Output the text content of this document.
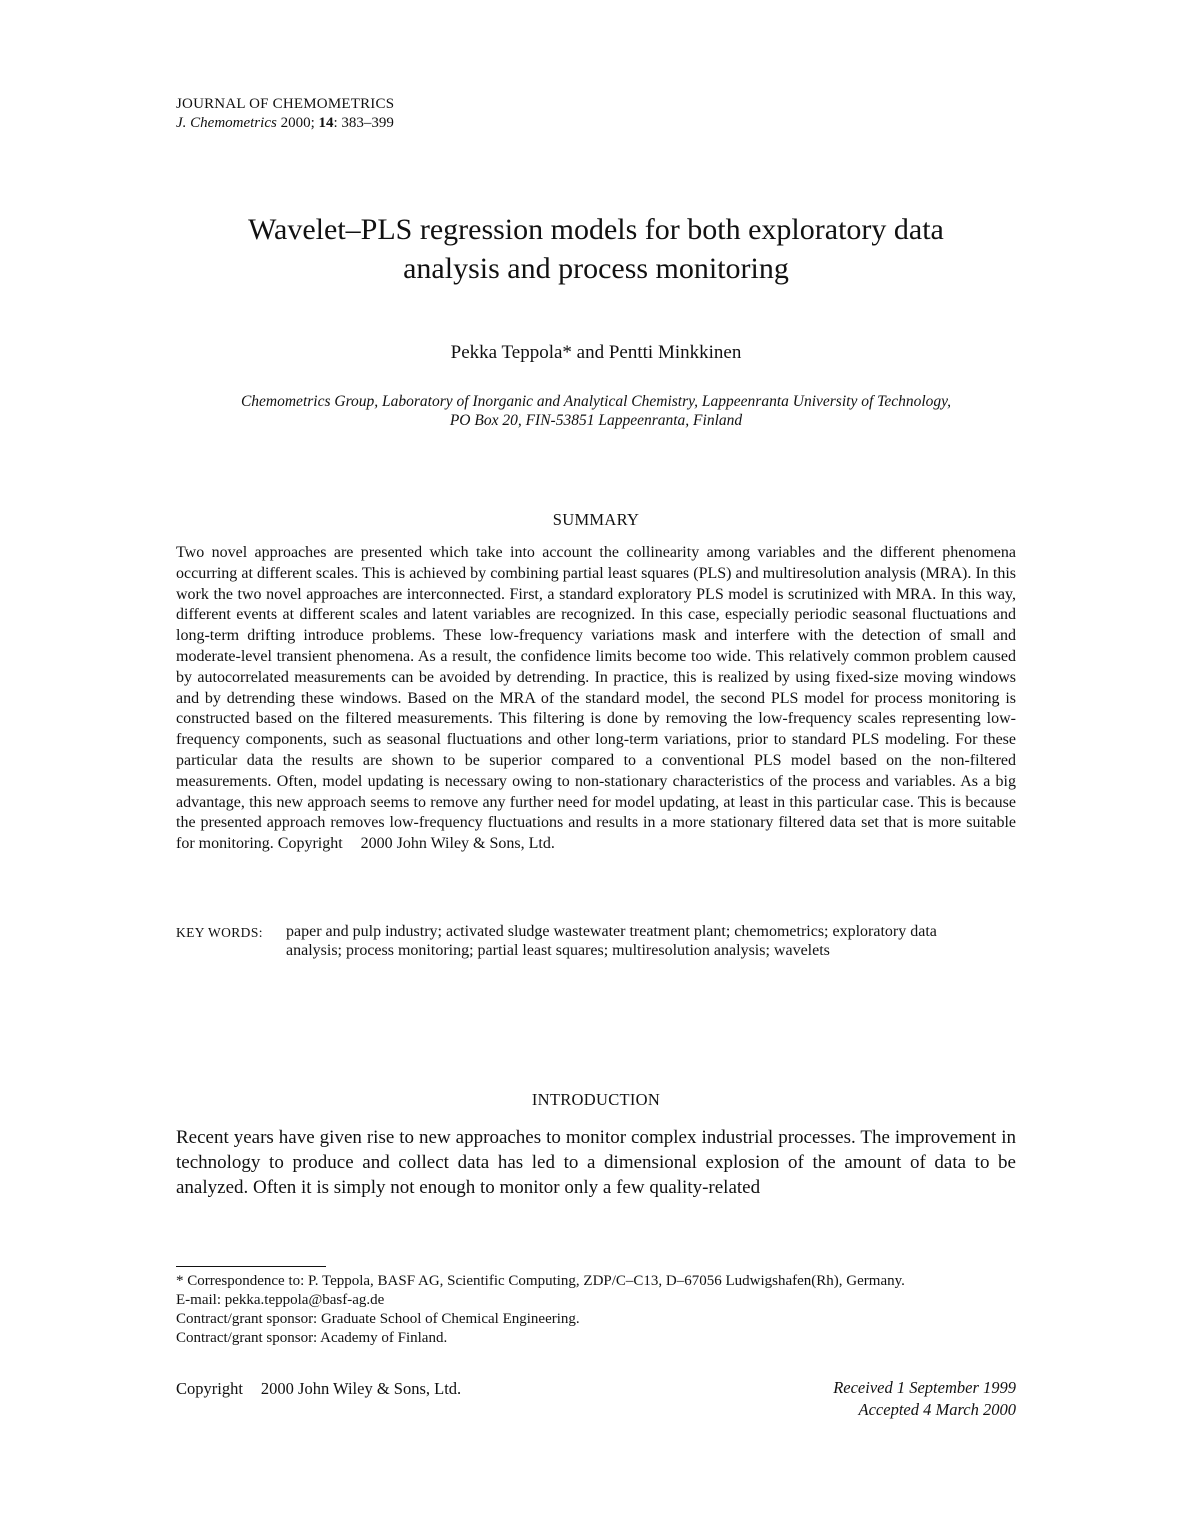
JOURNAL OF CHEMOMETRICS
J. Chemometrics 2000; 14: 383–399
Wavelet–PLS regression models for both exploratory data
analysis and process monitoring
Pekka Teppola* and Pentti Minkkinen
Chemometrics Group, Laboratory of Inorganic and Analytical Chemistry, Lappeenranta University of Technology,
PO Box 20, FIN-53851 Lappeenranta, Finland
SUMMARY
Two novel approaches are presented which take into account the collinearity among variables and the different phenomena occurring at different scales. This is achieved by combining partial least squares (PLS) and multiresolution analysis (MRA). In this work the two novel approaches are interconnected. First, a standard exploratory PLS model is scrutinized with MRA. In this way, different events at different scales and latent variables are recognized. In this case, especially periodic seasonal fluctuations and long-term drifting introduce problems. These low-frequency variations mask and interfere with the detection of small and moderate-level transient phenomena. As a result, the confidence limits become too wide. This relatively common problem caused by autocorrelated measurements can be avoided by detrending. In practice, this is realized by using fixed-size moving windows and by detrending these windows. Based on the MRA of the standard model, the second PLS model for process monitoring is constructed based on the filtered measurements. This filtering is done by removing the low-frequency scales representing low-frequency components, such as seasonal fluctuations and other long-term variations, prior to standard PLS modeling. For these particular data the results are shown to be superior compared to a conventional PLS model based on the non-filtered measurements. Often, model updating is necessary owing to non-stationary characteristics of the process and variables. As a big advantage, this new approach seems to remove any further need for model updating, at least in this particular case. This is because the presented approach removes low-frequency fluctuations and results in a more stationary filtered data set that is more suitable for monitoring. Copyright 2000 John Wiley & Sons, Ltd.
KEY WORDS:	paper and pulp industry; activated sludge wastewater treatment plant; chemometrics; exploratory data analysis; process monitoring; partial least squares; multiresolution analysis; wavelets
INTRODUCTION
Recent years have given rise to new approaches to monitor complex industrial processes. The improvement in technology to produce and collect data has led to a dimensional explosion of the amount of data to be analyzed. Often it is simply not enough to monitor only a few quality-related
* Correspondence to: P. Teppola, BASF AG, Scientific Computing, ZDP/C–C13, D–67056 Ludwigshafen(Rh), Germany.
E-mail: pekka.teppola@basf-ag.de
Contract/grant sponsor: Graduate School of Chemical Engineering.
Contract/grant sponsor: Academy of Finland.
Copyright 2000 John Wiley & Sons, Ltd.	Received 1 September 1999
Accepted 4 March 2000
